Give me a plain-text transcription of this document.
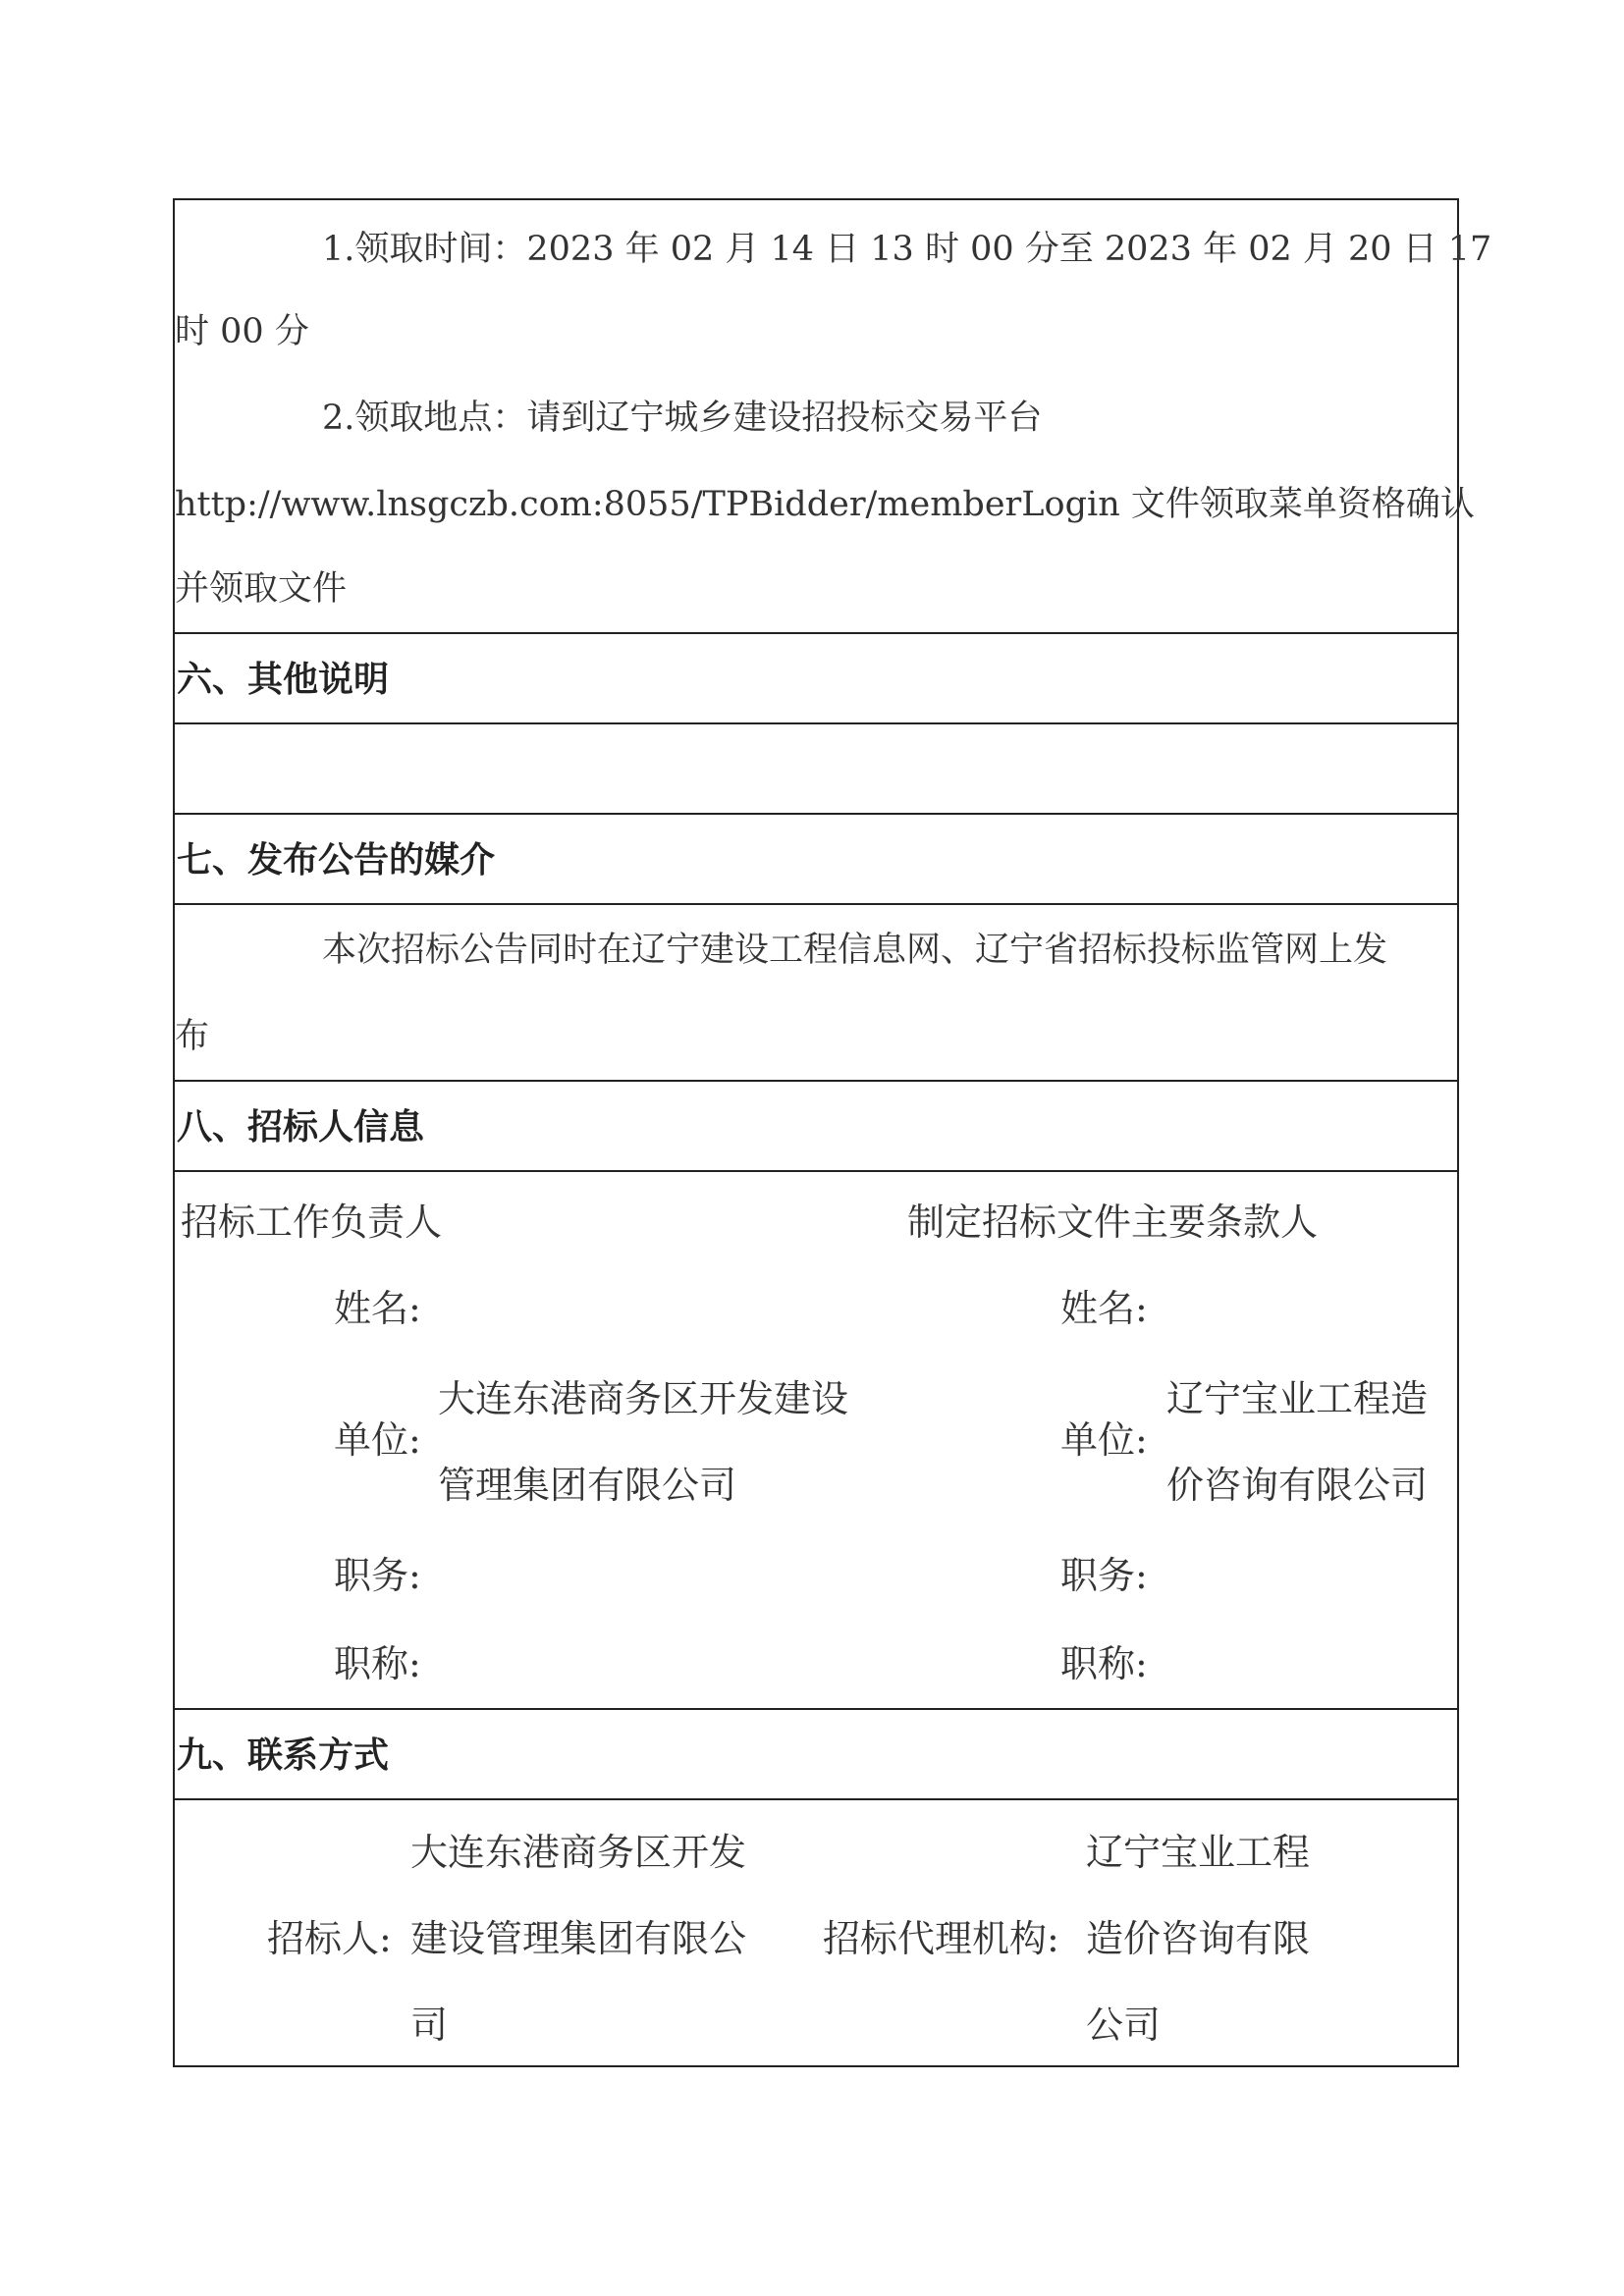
1.领取时间：2023 年 02 月 14 日 13 时 00 分至 2023 年 02 月 20 日 17
时 00 分
2.领取地点：请到辽宁城乡建设招投标交易平台
http://www.lnsgczb.com:8055/TPBidder/memberLogin 文件领取菜单资格确认
并领取文件
六、其他说明
七、发布公告的媒介
本次招标公告同时在辽宁建设工程信息网、辽宁省招标投标监管网上发
布
八、招标人信息
招标工作负责人
姓名:
单位:
大连东港商务区开发建设
管理集团有限公司
职务:
职称:
制定招标文件主要条款人
姓名:
单位:
辽宁宝业工程造
价咨询有限公司
职务:
职称:
九、联系方式
招标人:
大连东港商务区开发
建设管理集团有限公
司
招标代理机构:
辽宁宝业工程
造价咨询有限
公司
